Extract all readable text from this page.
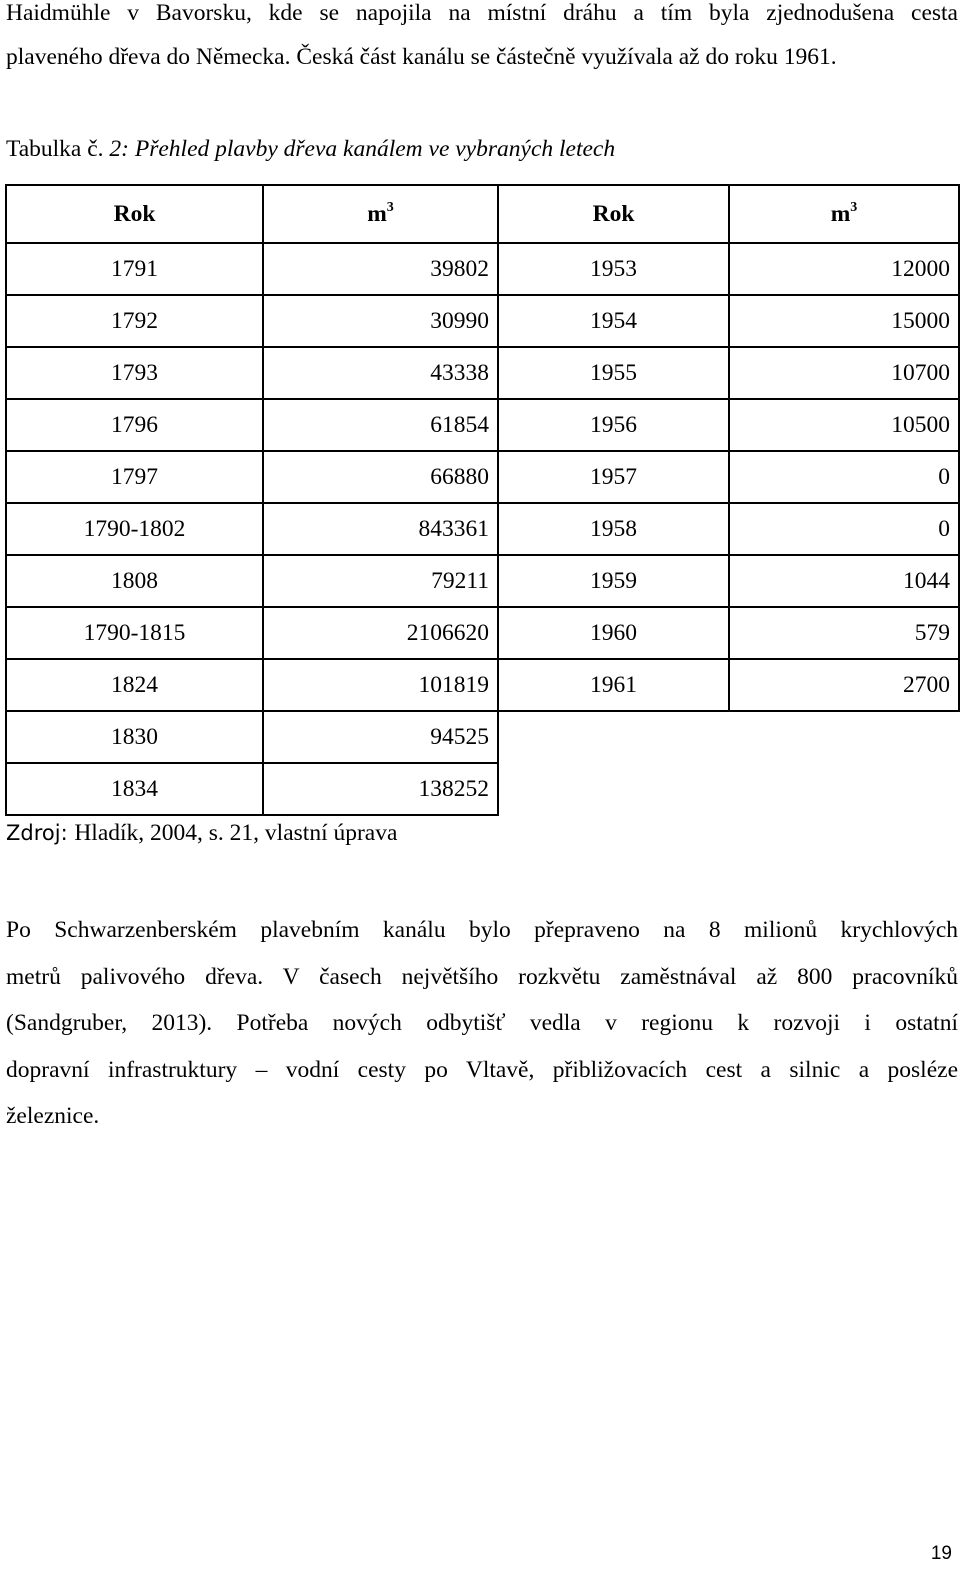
Haidmühle v Bavorsku, kde se napojila na místní dráhu a tím byla zjednodušena cesta
plaveného dřeva do Německa. Česká část kanálu se částečně využívala až do roku 1961.
Tabulka č. 2: Přehled plavby dřeva kanálem ve vybraných letech
Rok	$m^3$	Rok	$m^3$
1791	39802	1953	12000
1792	30990	1954	15000
1793	43338	1955	10700
1796	61854	1956	10500
1797	66880	1957	0
1790-1802	843361	1958	0
1808	79211	1959	1044
1790-1815	2106620	1960	579
1824	101819	1961	2700
1830	94525		
1834	138252		
Zdroj: Hladík, 2004, s. 21, vlastní úprava
Po Schwarzenberském plavebním kanálu bylo přepraveno na 8 milionů krychlových
metrů palivového dřeva. V časech největšího rozkvětu zaměstnával až 800 pracovníků
(Sandgruber, 2013). Potřeba nových odbytišť vedla v regionu k rozvoji i ostatní
dopravní infrastruktury – vodní cesty po Vltavě, přibližovacích cest a silnic a posléze
železnice.
19
